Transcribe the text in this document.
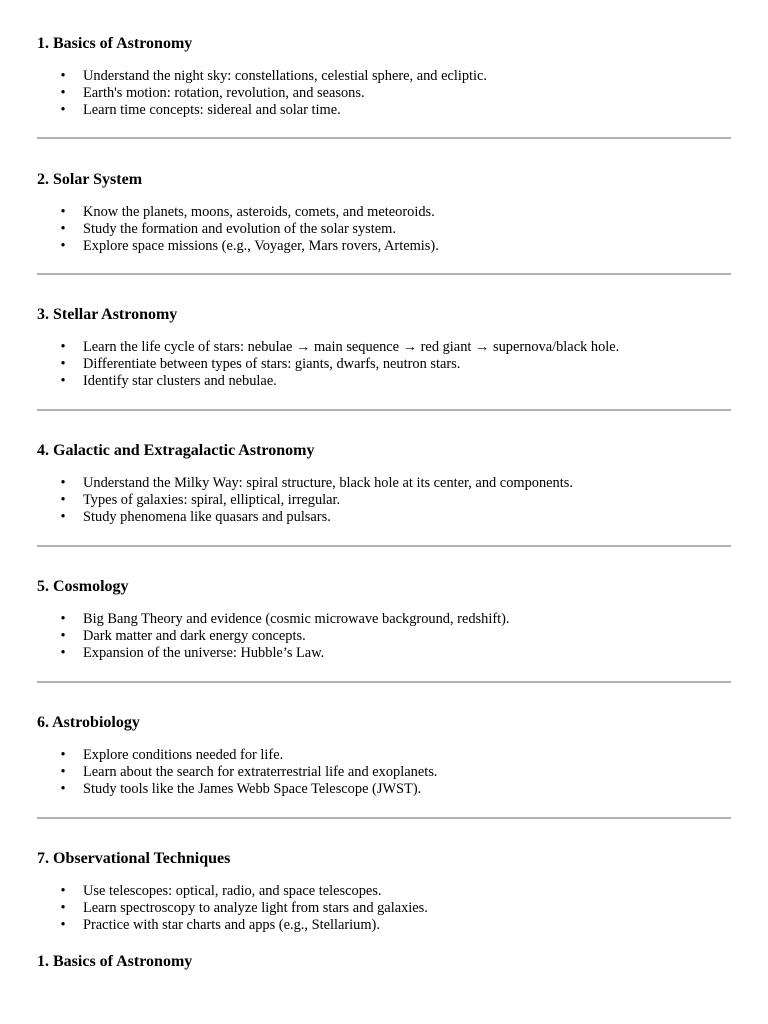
1. Basics of Astronomy
• Understand the night sky: constellations, celestial sphere, and ecliptic.
• Earth's motion: rotation, revolution, and seasons.
• Learn time concepts: sidereal and solar time.
2. Solar System
• Know the planets, moons, asteroids, comets, and meteoroids.
• Study the formation and evolution of the solar system.
• Explore space missions (e.g., Voyager, Mars rovers, Artemis).
3. Stellar Astronomy
• Learn the life cycle of stars: nebulae → main sequence → red giant → supernova/black hole.
• Differentiate between types of stars: giants, dwarfs, neutron stars.
• Identify star clusters and nebulae.
4. Galactic and Extragalactic Astronomy
• Understand the Milky Way: spiral structure, black hole at its center, and components.
• Types of galaxies: spiral, elliptical, irregular.
• Study phenomena like quasars and pulsars.
5. Cosmology
• Big Bang Theory and evidence (cosmic microwave background, redshift).
• Dark matter and dark energy concepts.
• Expansion of the universe: Hubble’s Law.
6. Astrobiology
• Explore conditions needed for life.
• Learn about the search for extraterrestrial life and exoplanets.
• Study tools like the James Webb Space Telescope (JWST).
7. Observational Techniques
• Use telescopes: optical, radio, and space telescopes.
• Learn spectroscopy to analyze light from stars and galaxies.
• Practice with star charts and apps (e.g., Stellarium).
1. Basics of Astronomy
